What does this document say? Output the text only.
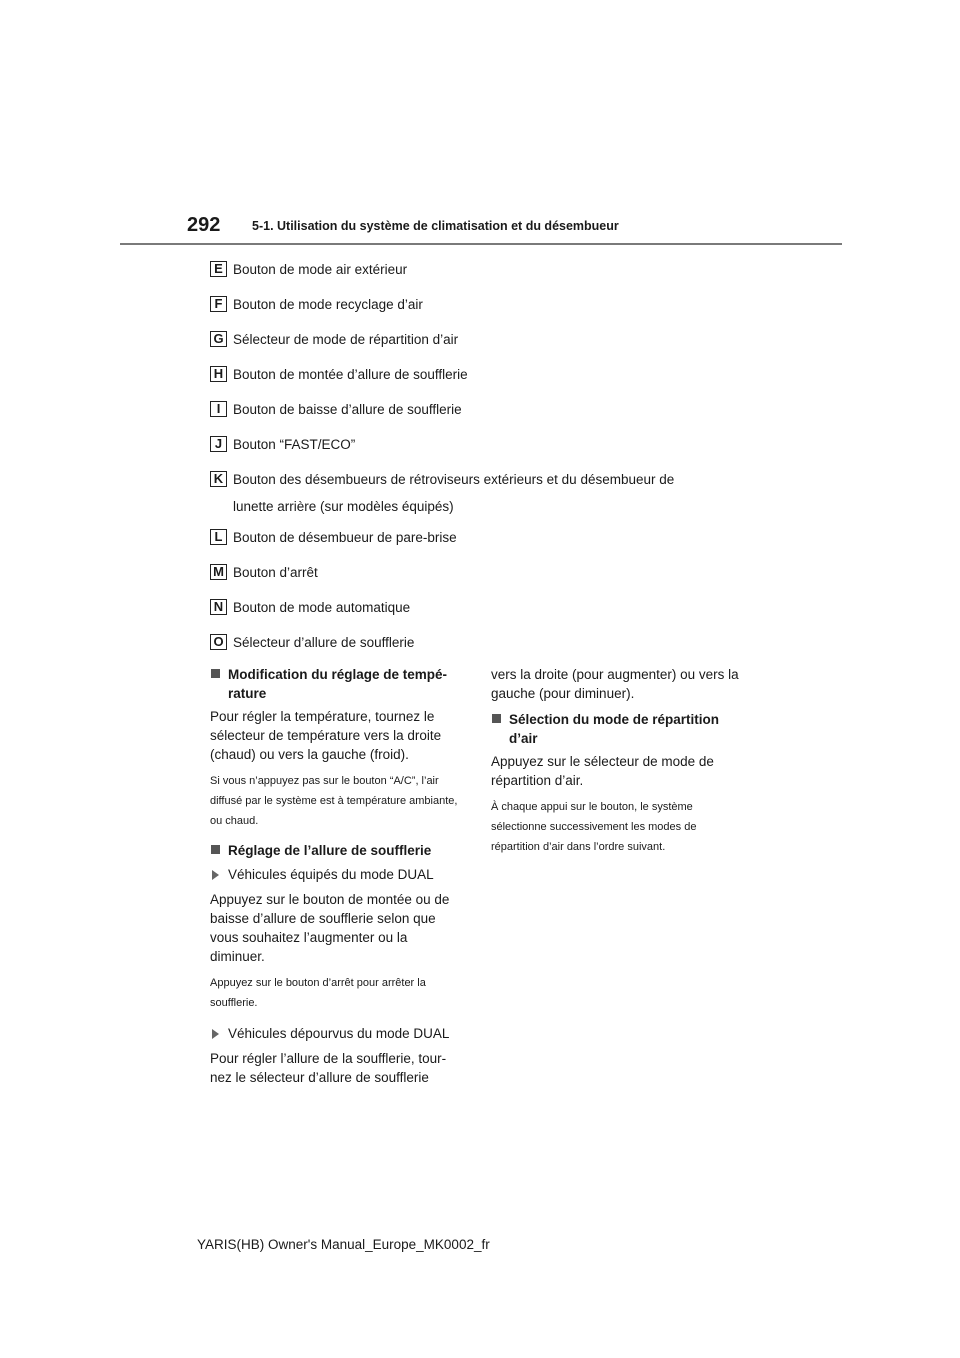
292	5-1. Utilisation du système de climatisation et du désembueur
E Bouton de mode air extérieur
F Bouton de mode recyclage d’air
G Sélecteur de mode de répartition d’air
H Bouton de montée d’allure de soufflerie
I Bouton de baisse d’allure de soufflerie
J Bouton “FAST/ECO”
K Bouton des désembueurs de rétroviseurs extérieurs et du désembueur de
lunette arrière (sur modèles équipés)
L Bouton de désembueur de pare-brise
M Bouton d’arrêt
N Bouton de mode automatique
O Sélecteur d’allure de soufflerie
Modification du réglage de tempé-rature
Pour régler la température, tournez le sélecteur de température vers la droite (chaud) ou vers la gauche (froid).
Si vous n’appuyez pas sur le bouton “A/C”, l’air diffusé par le système est à température ambiante, ou chaud.
Réglage de l’allure de soufflerie
Véhicules équipés du mode DUAL
Appuyez sur le bouton de montée ou de baisse d’allure de soufflerie selon que vous souhaitez l’augmenter ou la diminuer.
Appuyez sur le bouton d’arrêt pour arrêter la soufflerie.
Véhicules dépourvus du mode DUAL
Pour régler l’allure de la soufflerie, tour-nez le sélecteur d’allure de soufflerie
vers la droite (pour augmenter) ou vers la gauche (pour diminuer).
Sélection du mode de répartition d’air
Appuyez sur le sélecteur de mode de répartition d’air.
À chaque appui sur le bouton, le système sélectionne successivement les modes de répartition d’air dans l’ordre suivant.
YARIS(HB) Owner's Manual_Europe_MK0002_fr
